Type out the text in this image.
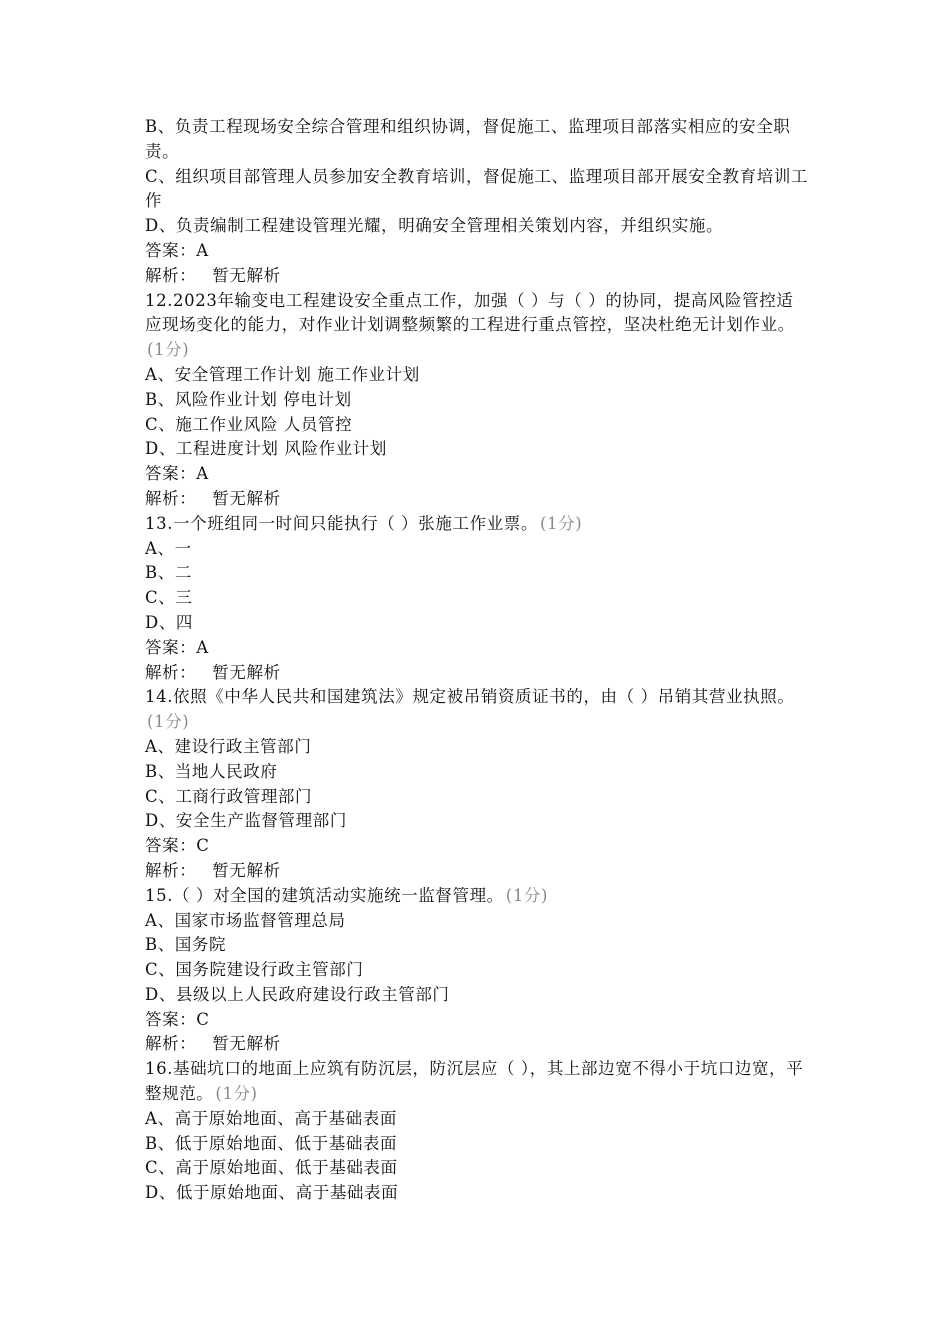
B、负责工程现场安全综合管理和组织协调，督促施工、监理项目部落实相应的安全职责。

C、组织项目部管理人员参加安全教育培训，督促施工、监理项目部开展安全教育培训工作

D、负责编制工程建设管理光耀，明确安全管理相关策划内容，并组织实施。

答案：A

解析： 暂无解析

12.2023年输变电工程建设安全重点工作，加强（ ）与（ ）的协同，提高风险管控适应现场变化的能力，对作业计划调整频繁的工程进行重点管控，坚决杜绝无计划作业。(1分)

A、安全管理工作计划 施工作业计划

B、风险作业计划 停电计划

C、施工作业风险 人员管控

D、工程进度计划 风险作业计划

答案：A

解析： 暂无解析

13.一个班组同一时间只能执行（ ）张施工作业票。 (1分)

A、一

B、二

C、三

D、四

答案：A

解析： 暂无解析

14.依照《中华人民共和国建筑法》规定被吊销资质证书的，由（ ）吊销其营业执照。(1分)

A、建设行政主管部门

B、当地人民政府

C、工商行政管理部门

D、安全生产监督管理部门

答案：C

解析： 暂无解析

15.（ ）对全国的建筑活动实施统一监督管理。 (1分)

A、国家市场监督管理总局

B、国务院

C、国务院建设行政主管部门

D、县级以上人民政府建设行政主管部门

答案：C

解析： 暂无解析

16.基础坑口的地面上应筑有防沉层，防沉层应（ ），其上部边宽不得小于坑口边宽，平整规范。 (1分)

A、高于原始地面、高于基础表面

B、低于原始地面、低于基础表面

C、高于原始地面、低于基础表面

D、低于原始地面、高于基础表面
